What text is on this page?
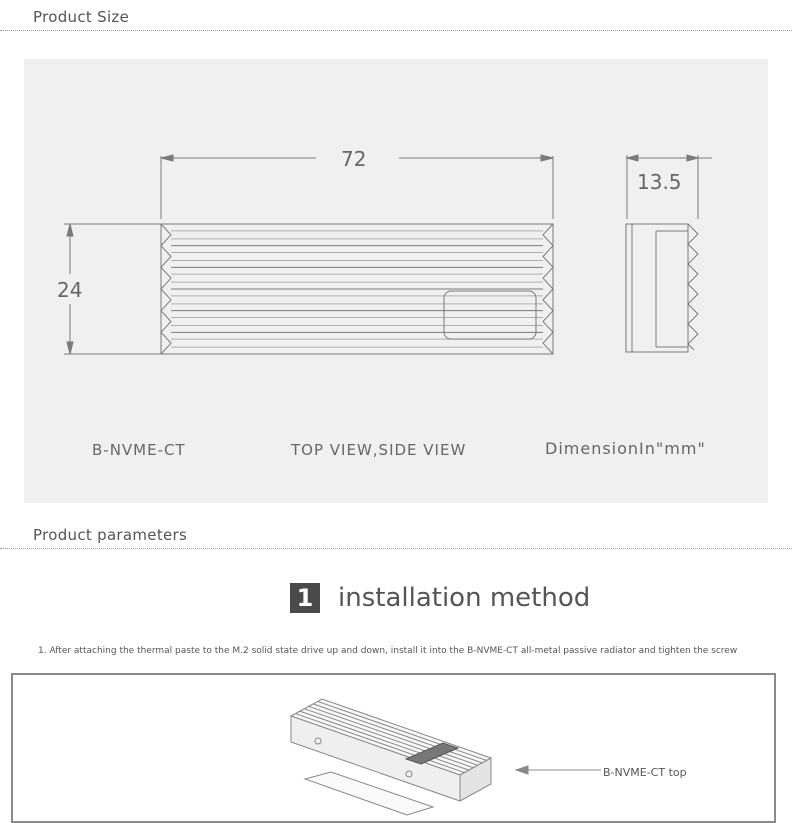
Product Size
72
13.5
24
B-NVME-CT	TOP VIEW,SIDE VIEW	DimensionIn"mm"
Product parameters
1 installation method
1. After attaching the thermal paste to the M.2 solid state drive up and down, install it into the B-NVME-CT all-metal passive radiator and tighten the screw
B-NVME-CT top
